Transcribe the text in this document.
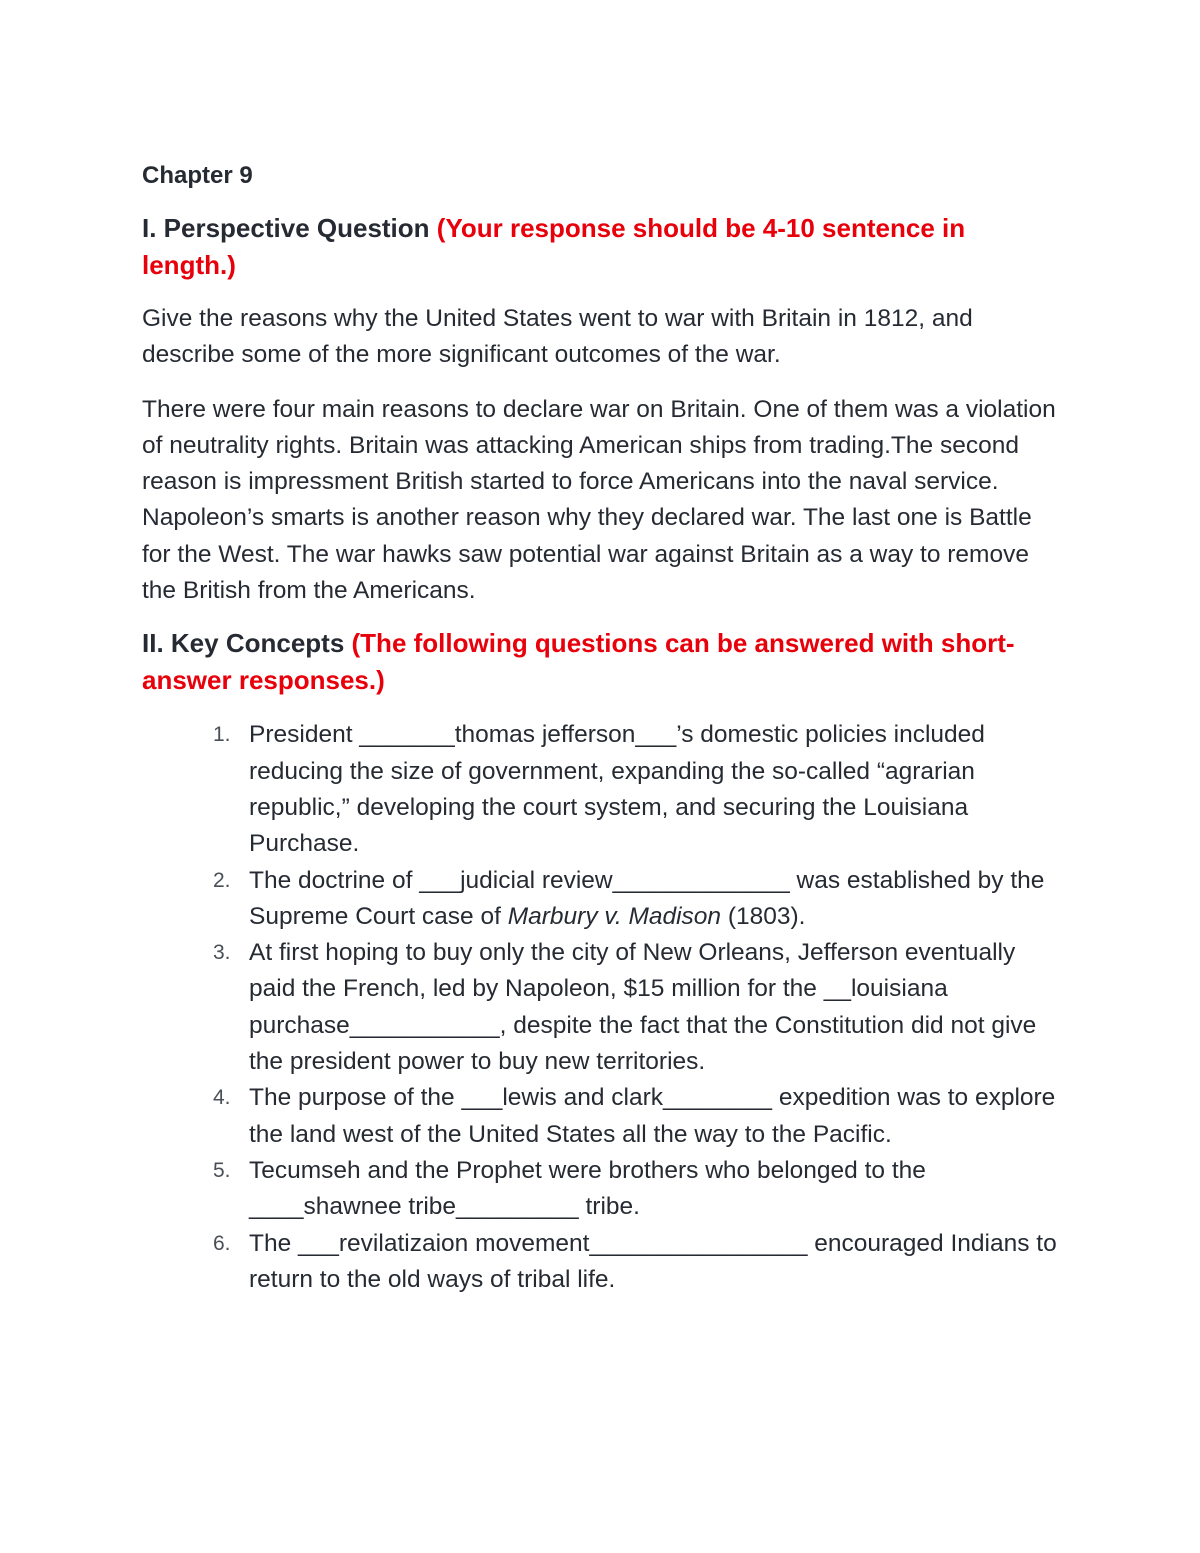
Chapter 9
I. Perspective Question (Your response should be 4-10 sentence in length.)

Give the reasons why the United States went to war with Britain in 1812, and describe some of the more significant outcomes of the war.

There were four main reasons to declare war on Britain. One of them was a violation of neutrality rights. Britain was attacking American ships from trading.The second reason is impressment British started to force Americans into the naval service. Napoleon’s smarts is another reason why they declared war. The last one is Battle for the West. The war hawks saw potential war against Britain as a way to remove the British from the Americans.

II. Key Concepts (The following questions can be answered with short-answer responses.)
1. President _______thomas jefferson___’s domestic policies included reducing the size of government, expanding the so-called “agrarian republic,” developing the court system, and securing the Louisiana Purchase.
2. The doctrine of ___judicial review_____________ was established by the Supreme Court case of Marbury v. Madison (1803).
3. At first hoping to buy only the city of New Orleans, Jefferson eventually paid the French, led by Napoleon, $15 million for the __louisiana purchase___________, despite the fact that the Constitution did not give the president power to buy new territories.
4. The purpose of the ___lewis and clark________ expedition was to explore the land west of the United States all the way to the Pacific.
5. Tecumseh and the Prophet were brothers who belonged to the ____shawnee tribe_________ tribe.
6. The ___revilatizaion movement________________ encouraged Indians to return to the old ways of tribal life.
